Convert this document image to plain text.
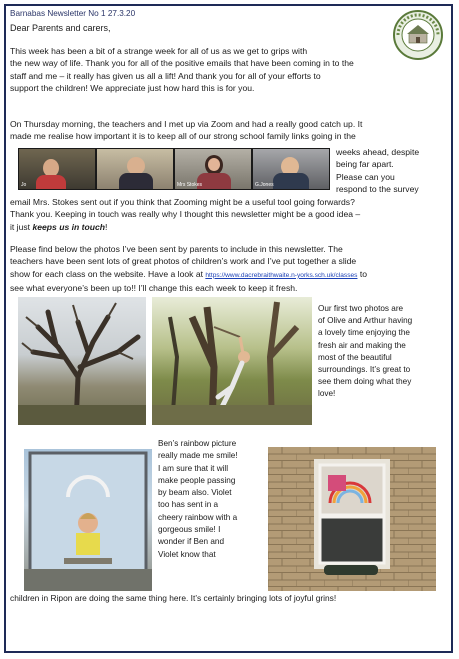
Barnabas Newsletter No 1 27.3.20
Dear Parents and carers,
This week has been a bit of a strange week for all of us as we get to grips with
the new way of life. Thank you for all of the positive emails that have been coming in to the
staff and me – it really has given us all a lift! And thank you for all of your efforts to
support the children! We appreciate just how hard this is for you.
On Thursday morning, the teachers and I met up via Zoom and had a really good catch up. It
made me realise how important it is to keep all of our strong school family links going in the
Jo	Mrs Stokes	G.Jones
weeks ahead, despite
being far apart.
Please can you
respond to the survey
email Mrs. Stokes sent out if you think that Zooming might be a useful tool going forwards?
Thank you. Keeping in touch was really why I thought this newsletter might be a good idea –
it just keeps us in touch!
Please find below the photos I’ve been sent by parents to include in this newsletter. The
teachers have been sent lots of great photos of children’s work and I’ve put together a slide
show for each class on the website. Have a look at https://www.dacrebraithwaite.n-yorks.sch.uk/classes to
see what everyone’s been up to!! I’ll change this each week to keep it fresh.
Our first two photos are
of Olive and Arthur having
a lovely time enjoying the
fresh air and making the
most of the beautiful
surroundings. It’s great to
see them doing what they
love!
Ben’s rainbow picture
really made me smile!
I am sure that it will
make people passing
by beam also. Violet
too has sent in a
cheery rainbow with a
gorgeous smile! I
wonder if Ben and
Violet know that
children in Ripon are doing the same thing here. It’s certainly bringing lots of joyful grins!
